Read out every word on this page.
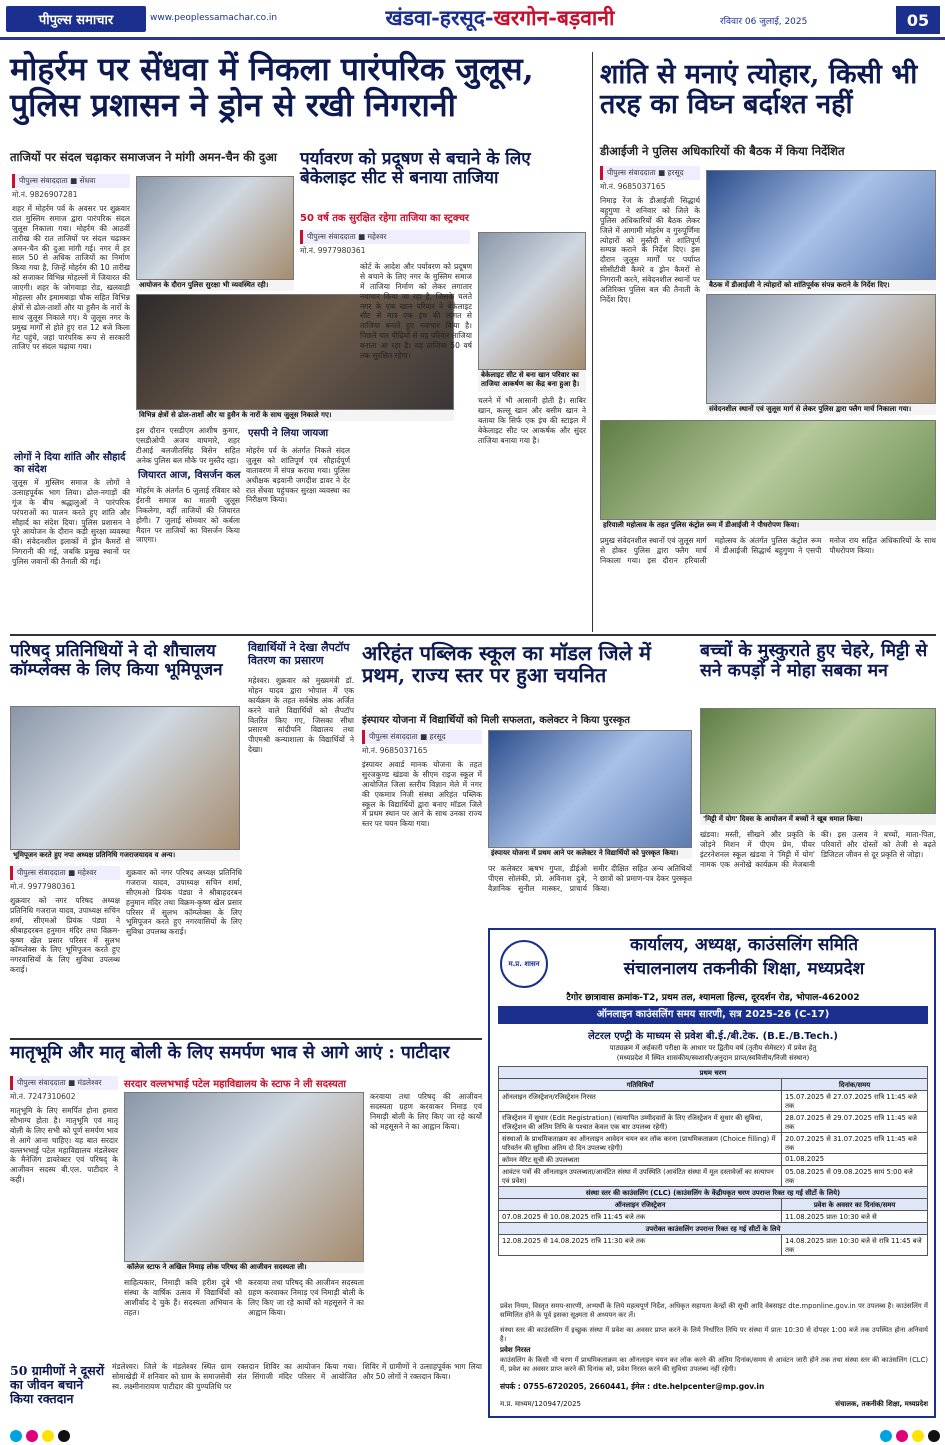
पीपुल्स समाचार	www.peoplessamachar.co.in	खंडवा-हरसूद-खरगोन-बड़वानी	रविवार 06 जुलाई, 2025	05
मोहर्रम पर सेंधवा में निकला पारंपरिक जुलूस, पुलिस प्रशासन ने ड्रोन से रखी निगरानी
ताजियों पर संदल चढ़ाकर समाजजन ने मांगी अमन-चैन की दुआ
पीपुल्स संवाददाता ■ सेंधवा
मो.नं. 9826907281
शहर में मोहर्रम पर्व के अवसर पर शुक्रवार रात मुस्लिम समाज द्वारा पारंपरिक संदल जुलूस निकाला गया। मोहर्रम की आठवीं तारीख की रात ताजियों पर संदल चढ़ाकर अमन-चैन की दुआ मांगी गई। नगर में हर साल 50 से अधिक ताजियों का निर्माण किया गया है, जिन्हें मोहर्रम की 10 तारीख को सजाकर विभिन्न मोहल्लों में जियारत की जाएगी। शहर के जोगवाड़ा रोड, खलवाड़ी मोहल्ला और इमामबाड़ा चौक सहित विभिन्न क्षेत्रों से ढोल-ताशों और या हुसैन के नारों के साथ जुलूस निकाले गए। ये जुलूस नगर के प्रमुख मार्गों से होते हुए रात 12 बजे किला गेट पहुंचे, जहां पारंपरिक रूप से सरकारी ताजिए पर संदल चढ़ाया गया।
लोगों ने दिया शांति और सौहार्द का संदेश
जुलूस में मुस्लिम समाज के लोगों ने उत्साहपूर्वक भाग लिया। ढोल-नगाड़ों की गूंज के बीच श्रद्धालुओं ने पारंपरिक परंपराओं का पालन करते हुए शांति और सौहार्द का संदेश दिया। पुलिस प्रशासन ने पूरे आयोजन के दौरान कड़ी सुरक्षा व्यवस्था की। संवेदनशील इलाकों में ड्रोन कैमरों से निगरानी की गई, जबकि प्रमुख स्थानों पर पुलिस जवानों की तैनाती की गई।
आयोजन के दौरान पुलिस सुरक्षा भी व्यवस्थित रही।
विभिन्न क्षेत्रों से ढोल-ताशों और या हुसैन के नारों के साथ जुलूस निकाले गए।
इस दौरान एसडीएम आशीष कुमार, एसडीओपी अजय वाघमारे, शहर टीआई बलजीतसिंह बिसेन सहित अनेक पुलिस बल मौके पर मुस्तैद रहा।
जियारत आज, विसर्जन कल
मोहर्रम के अंतर्गत 6 जुलाई रविवार को ईरानी समाज का मातमी जुलूस निकलेगा, वहीं ताजियों की जियारत होगी। 7 जुलाई सोमवार को कर्बला मैदान पर ताजियों का विसर्जन किया जाएगा।
एसपी ने लिया जायजा
मोहर्रम पर्व के अंतर्गत निकले संदल जुलूस को शांतिपूर्ण एवं सौहार्दपूर्ण वातावरण में संपन्न कराया गया। पुलिस अधीक्षक बड़वानी जगदीश डावर ने देर रात सेंधवा पहुंचकर सुरक्षा व्यवस्था का निरीक्षण किया।
पर्यावरण को प्रदूषण से बचाने के लिए बेकेलाइट सीट से बनाया ताजिया
50 वर्ष तक सुरक्षित रहेगा ताजिया का स्ट्रक्चर
पीपुल्स संवाददाता ■ महेश्वर
मो.नं. 9977980361
बेकेलाइट सीट से बना खान परिवार का ताजिया आकर्षण का केंद्र बना हुआ है।
कोर्ट के आदेश और पर्यावरण को प्रदूषण से बचाने के लिए नगर के मुस्लिम समाज में ताजिया निर्माण को लेकर लगातार नवाचार किया जा रहा है, जिसके चलते नगर के एक खान परिवार ने बेकेलाइट सीट से मात्र एक इंच की लागत से ताजिया बनाते हुए नवाचार किया है। पिछले चार पीढ़ियों से यह परिवार ताजिया बनाता आ रहा है। यह ताजिया 50 वर्ष तक सुरक्षित रहेगा।
चलने में भी आसानी होती है। साबिर खान, कल्लू खान और बसीम खान ने बताया कि सिर्फ एक इंच की स्टाइल में बेकेलाइट सीट पर आकर्षक और सुंदर ताजिया बनाया गया है।
शांति से मनाएं त्योहार, किसी भी तरह का विघ्न बर्दाश्त नहीं
डीआईजी ने पुलिस अधिकारियों की बैठक में किया निर्देशित
पीपुल्स संवाददाता ■ हरसूद
मो.नं. 9685037165
निमाड़ रेंज के डीआईजी सिद्धार्थ बहुगुणा ने शनिवार को जिले के पुलिस अधिकारियों की बैठक लेकर जिले में आगामी मोहर्रम व गुरुपूर्णिमा त्योहारों को मुस्तैदी से शांतिपूर्ण सम्पन्न कराने के निर्देश दिए। इस दौरान जुलूस मार्गों पर पर्याप्त सीसीटीवी कैमरे व ड्रोन कैमरों से निगरानी करने, संवेदनशील स्थानों पर अतिरिक्त पुलिस बल की तैनाती के निर्देश दिए।
बैठक में डीआईजी ने त्योहारों को शांतिपूर्वक संपन्न कराने के निर्देश दिए।
संवेदनशील स्थानों एवं जुलूस मार्ग से लेकर पुलिस द्वारा फ्लैग मार्च निकाला गया।
हरियाली महोत्सव के तहत पुलिस कंट्रोल रूम में डीआईजी ने पौधरोपण किया।
प्रमुख संवेदनशील स्थानों एवं जुलूस मार्ग से होकर पुलिस द्वारा फ्लैग मार्च निकाला गया। इस दौरान हरियाली महोत्सव के अंतर्गत पुलिस कंट्रोल रूम में डीआईजी सिद्धार्थ बहुगुणा ने एसपी मनोज राय सहित अधिकारियों के साथ पौधरोपण किया।
परिषद् प्रतिनिधियों ने दो शौचालय कॉम्प्लेक्स के लिए किया भूमिपूजन
भूमिपूजन करते हुए नपा अध्यक्ष प्रतिनिधि गजराजयादव व अन्य।
पीपुल्स संवाददाता ■ महेश्वर
मो.नं. 9977980361
शुक्रवार को नगर परिषद अध्यक्ष प्रतिनिधि गजराज यादव, उपाध्यक्ष सचिन शर्मा, सीएमओ प्रियंक पंड्या ने श्रीबाहदरबन हनुमान मंदिर तथा विक्रम-कृष्ण खेल प्रसार परिसर में सुलभ कॉम्प्लेक्स के लिए भूमिपूजन करते हुए नगरवासियों के लिए सुविधा उपलब्ध कराई।
विद्यार्थियों ने देखा लैपटॉप वितरण का प्रसारण
महेश्वर। शुक्रवार को मुख्यमंत्री डॉ. मोहन यादव द्वारा भोपाल में एक कार्यक्रम के तहत सर्वश्रेष्ठ अंक अर्जित करने वाले विद्यार्थियों को लैपटॉप वितरित किए गए, जिसका सीधा प्रसारण सांदीपनि विद्यालय तथा पीएमश्री कन्याशाला के विद्यार्थियों ने देखा।
शुक्रवार को नगर परिषद अध्यक्ष प्रतिनिधि गजराज यादव, उपाध्यक्ष सचिन शर्मा, सीएमओ प्रियंक पंड्या ने श्रीबाहदरबन हनुमान मंदिर तथा विक्रम-कृष्ण खेल प्रसार परिसर में सुलभ कॉम्प्लेक्स के लिए भूमिपूजन करते हुए नगरवासियों के लिए सुविधा उपलब्ध कराई।
अरिहंत पब्लिक स्कूल का मॉडल जिले में प्रथम, राज्य स्तर पर हुआ चयनित
इंस्पायर योजना में विद्यार्थियों को मिली सफलता, कलेक्टर ने किया पुरस्कृत
पीपुल्स संवाददाता ■ हरसूद
मो.नं. 9685037165
इंस्पायर अवार्ड मानक योजना के तहत सुरजकुण्ड खंडवा के सीएम राइज स्कूल में आयोजित जिला स्तरीय विज्ञान मेले में नगर की एकमात्र निजी संस्था अरिहंत पब्लिक स्कूल के विद्यार्थियों द्वारा बनाए मॉडल जिले में प्रथम स्थान पर आने के साथ उनका राज्य स्तर पर चयन किया गया।
इंस्पायर योजना में प्रथम आने पर कलेक्टर ने विद्यार्थियों को पुरस्कृत किया।
पर कलेक्टर ऋषभ गुप्ता, डीईओ पीएस सोलंकी, प्रो. अविनाश दुबे, वैज्ञानिक सुनील मास्कर, प्राचार्य समीर दीक्षित सहित अन्य अतिथियों ने छात्रों को प्रमाण-पत्र देकर पुरस्कृत किया।
बच्चों के मुस्कुराते हुए चेहरे, मिट्टी से सने कपड़ों ने मोहा सबका मन
'मिट्टी में योग' दिवस के आयोजन में बच्चों ने खूब धमाल किया।
खंडवा। मस्ती, सीखने और प्रकृति के जोड़ने मिशन में पीएम प्रेम, पीयर इंटरनेशनल स्कूल खंडवा ने 'मिट्टी में योग' नामक एक अनोखे कार्यक्रम की मेजबानी की। इस उत्सव ने बच्चों, माता-पिता, परिवारों और दोस्तों को तेजी से बढ़ते डिजिटल जीवन से दूर प्रकृति से जोड़ा।
म.प्र. शासन
कार्यालय, अध्यक्ष, काउंसलिंग समिति
संचालनालय तकनीकी शिक्षा, मध्यप्रदेश
टैगोर छात्रावास क्रमांक-T2, प्रथम तल, श्यामला हिल्स, दूरदर्शन रोड, भोपाल-462002
ऑनलाइन काउंसलिंग समय सारणी, सत्र 2025-26 (C-17)
लेटरल एण्ट्री के माध्यम से प्रवेश बी.ई./बी.टेक. (B.E./B.Tech.)
पाठ्यक्रम में अर्हकारी परीक्षा के आधार पर द्वितीय वर्ष (तृतीय सेमेस्टर) में प्रवेश हेतु
(मध्यप्रदेश में स्थित शासकीय/स्वशासी/अनुदान प्राप्त/स्ववित्तीय/निजी संस्थान)
प्रथम चरण	
गतिविधियाँ	दिनांक/समय
ऑनलाइन रजिस्ट्रेशन/रजिस्ट्रेशन निरस्त	15.07.2025 से 27.07.2025 रात्रि 11:45 बजे तक
रजिस्ट्रेशन में सुधार (Edit Registration) (सत्यापित उम्मीदवारों के लिए रजिस्ट्रेशन में सुधार की सुविधा, रजिस्ट्रेशन की अंतिम तिथि के पश्चात केवल एक बार उपलब्ध रहेगी)	28.07.2025 से 29.07.2025 रात्रि 11:45 बजे तक
संस्थाओं के प्राथमिकताक्रम का ऑनलाइन आवेदन चयन कर लॉक करना (प्राथमिकताक्रम (Choice filling) में परिवर्तन की सुविधा अंतिम दो दिन उपलब्ध रहेगी)	20.07.2025 से 31.07.2025 रात्रि 11:45 बजे तक
कॉमन मेरिट सूची की उपलब्धता	01.08.2025
आवंटन पत्रों की ऑनलाइन उपलब्धता/आवंटित संस्था में उपस्थिति (आवंटित संस्था में मूल दस्तावेजों का सत्यापन एवं प्रवेश)	05.08.2025 से 09.08.2025 सायं 5:00 बजे तक
संस्था स्तर की काउंसलिंग (CLC) (काउंसलिंग के केंद्रीयकृत चरण उपरान्त रिक्त रह गई सीटों के लिये)	
ऑनलाइन रजिस्ट्रेशन	प्रवेश के अवसर का दिनांक/समय
07.08.2025 से 10.08.2025 रात्रि 11:45 बजे तक	11.08.2025 प्रातः 10:30 बजे से
उपरोक्त काउंसलिंग उपरान्त रिक्त रह गई सीटों के लिये	
12.08.2025 से 14.08.2025 रात्रि 11:30 बजे तक	14.08.2025 प्रातः 10:30 बजे से रात्रि 11:45 बजे तक
प्रवेश नियम, विस्तृत समय-सारणी, अभ्यर्थी के लिये महत्वपूर्ण निर्देश, अधिकृत सहायता केन्द्रों की सूची आदि वेबसाइट dte.mponline.gov.in पर उपलब्ध है। काउंसलिंग में सम्मिलित होने के पूर्व इसका सूक्ष्मता से अध्ययन कर लें।
संस्था स्तर की काउंसलिंग में इच्छुक संस्था में प्रवेश का अवसर प्राप्त करने के लिये निर्धारित तिथि पर संस्था में प्रातः 10:30 से दोपहर 1:00 बजे तक उपस्थित होना अनिवार्य है।
प्रवेश निरस्त
काउंसलिंग के किसी भी चरण में प्राथमिकताक्रम का ऑनलाइन चयन कर लॉक करने की अंतिम दिनांक/समय से आवंटन जारी होने तक तथा संस्था स्तर की काउंसलिंग (CLC) में, प्रवेश का अवसर प्राप्त करने की दिनांक को, प्रवेश निरस्त करने की सुविधा उपलब्ध नहीं रहेगी।
संपर्क : 0755-6720205, 2660441, ईमेल : dte.helpcenter@mp.gov.in
म.प्र. माध्यम/120947/2025	संचालक, तकनीकी शिक्षा, मध्यप्रदेश
मातृभूमि और मातृ बोली के लिए समर्पण भाव से आगे आएं : पाटीदार
पीपुल्स संवाददाता ■ मंडलेश्वर
मो.नं. 7247310602
मातृभूमि के लिए समर्पित होना हमारा सौभाग्य होता है। मातृभूमि एवं मातृ बोली के लिए सभी को पूर्ण समर्पण भाव से आगे आना चाहिए। यह बात सरदार वल्लभभाई पटेल महाविद्यालय मंडलेश्वर के मैनेजिंग डायरेक्टर एवं परिषद् के आजीवन सदस्य बी.एल. पाटीदार ने कही।
सरदार वल्लभभाई पटेल महाविद्यालय के स्टाफ ने ली सदस्यता
कॉलेज स्टाफ ने अखिल निमाड़ लोक परिषद की आजीवन सदस्यता ली।
साहित्यकार, निमाड़ी कवि हरीश दुबे भी संस्था के वार्षिक उत्सव में विद्यार्थियों को आशीर्वाद दे चुके हैं। सदस्यता अभियान के तहत।
करवाया तथा परिषद् की आजीवन सदस्यता ग्रहण करवाकर निमाड़ एवं निमाड़ी बोली के लिए किए जा रहे कार्यों को महसूसने ने का आह्वान किया।
करवाया तथा परिषद् की आजीवन सदस्यता ग्रहण करवाकर निमाड़ एवं निमाड़ी बोली के लिए किए जा रहे कार्यों को महसूसने ने का आह्वान किया।
50 ग्रामीणों ने दूसरों का जीवन बचाने किया रक्तदान
मंडलेश्वर। जिले के मंडलेश्वर स्थित ग्राम सोमाखेड़ी में शनिवार को ग्राम के समाजसेवी स्व. लक्ष्मीनारायण पाटीदार की पुण्यतिथि पर रक्तदान शिविर का आयोजन किया गया। संत सिंगाजी मंदिर परिसर में आयोजित शिविर में ग्रामीणों ने उत्साहपूर्वक भाग लिया और 50 लोगों ने रक्तदान किया।
